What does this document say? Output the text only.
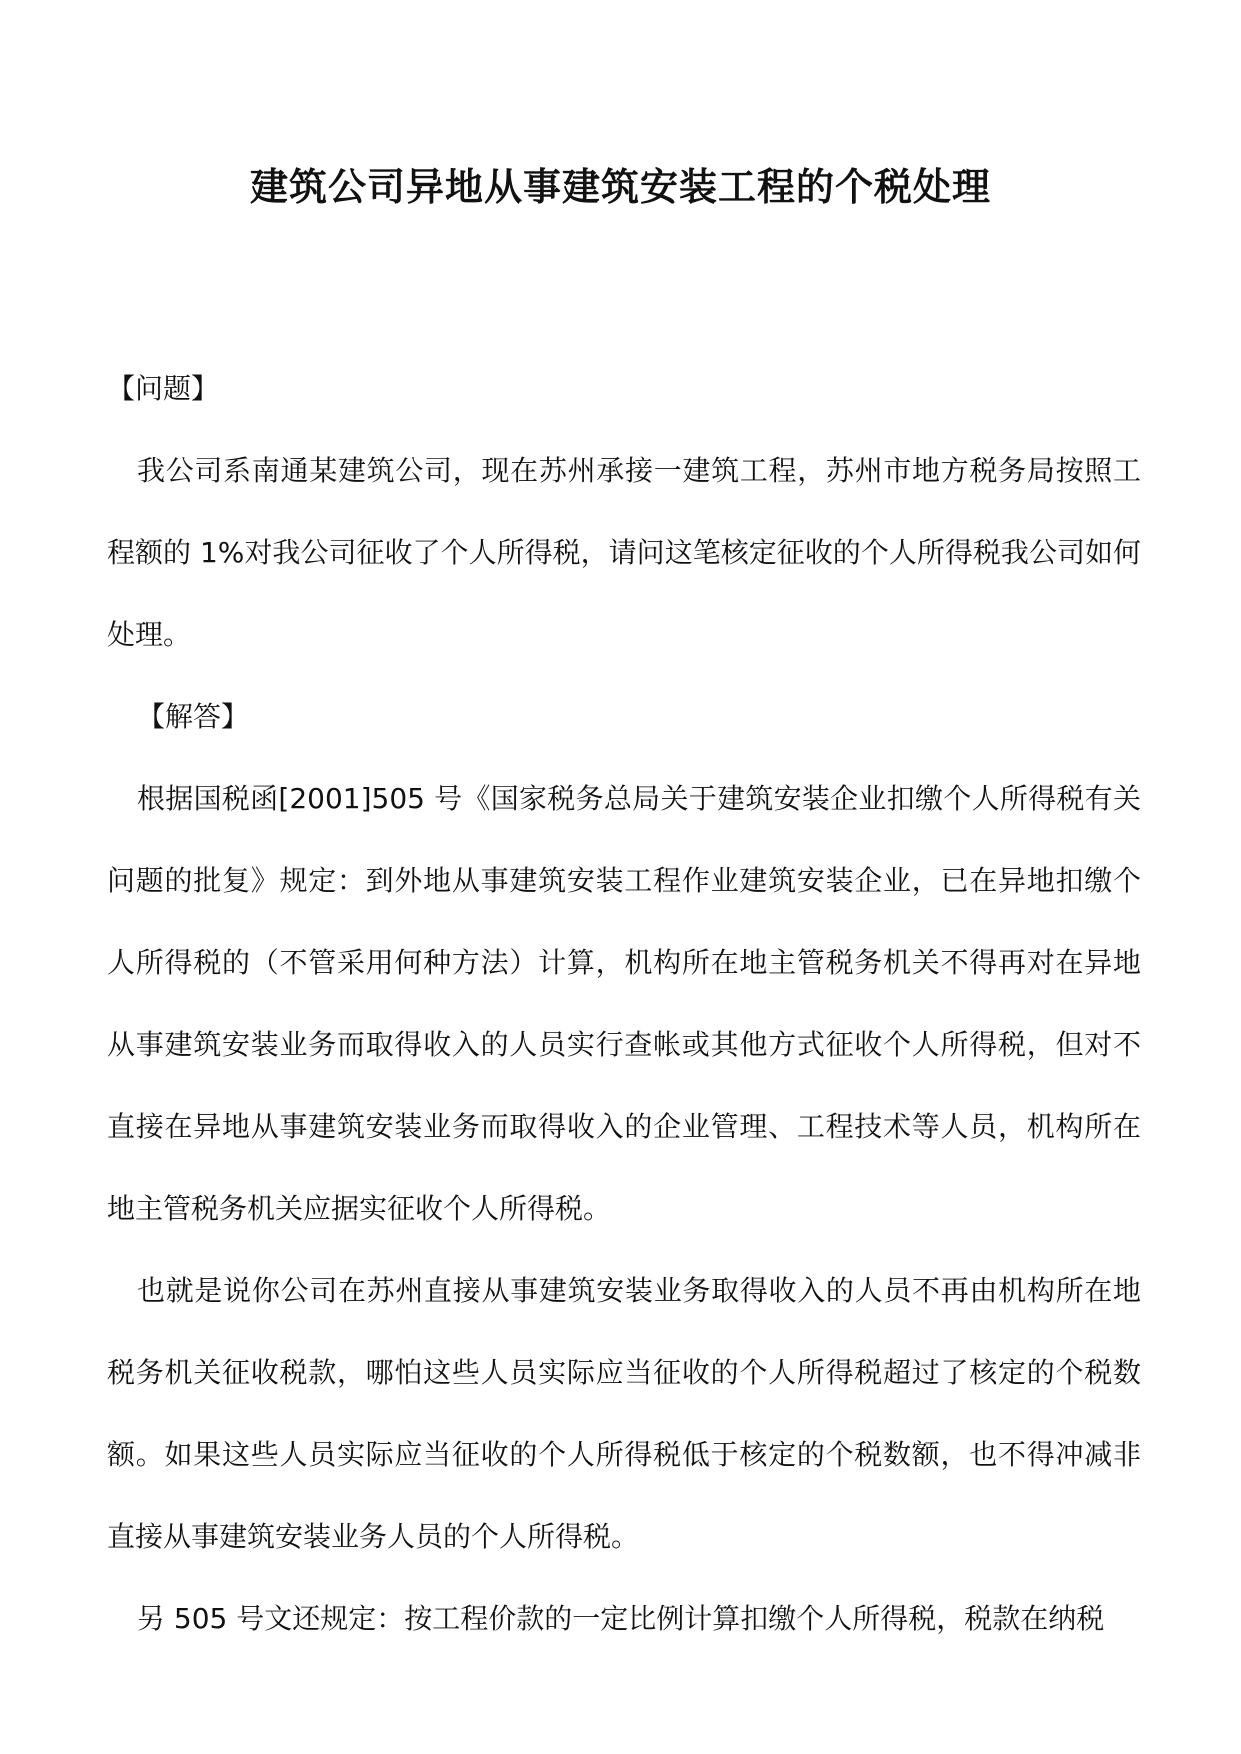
建筑公司异地从事建筑安装工程的个税处理

【问题】

我公司系南通某建筑公司，现在苏州承接一建筑工程，苏州市地方税务局按照工程额的 1%对我公司征收了个人所得税，请问这笔核定征收的个人所得税我公司如何处理。

【解答】

根据国税函[2001]505 号《国家税务总局关于建筑安装企业扣缴个人所得税有关问题的批复》规定：到外地从事建筑安装工程作业建筑安装企业，已在异地扣缴个人所得税的（不管采用何种方法）计算，机构所在地主管税务机关不得再对在异地从事建筑安装业务而取得收入的人员实行查帐或其他方式征收个人所得税，但对不直接在异地从事建筑安装业务而取得收入的企业管理、工程技术等人员，机构所在地主管税务机关应据实征收个人所得税。

也就是说你公司在苏州直接从事建筑安装业务取得收入的人员不再由机构所在地税务机关征收税款，哪怕这些人员实际应当征收的个人所得税超过了核定的个税数额。如果这些人员实际应当征收的个人所得税低于核定的个税数额，也不得冲减非直接从事建筑安装业务人员的个人所得税。

另 505 号文还规定：按工程价款的一定比例计算扣缴个人所得税，税款在纳税
